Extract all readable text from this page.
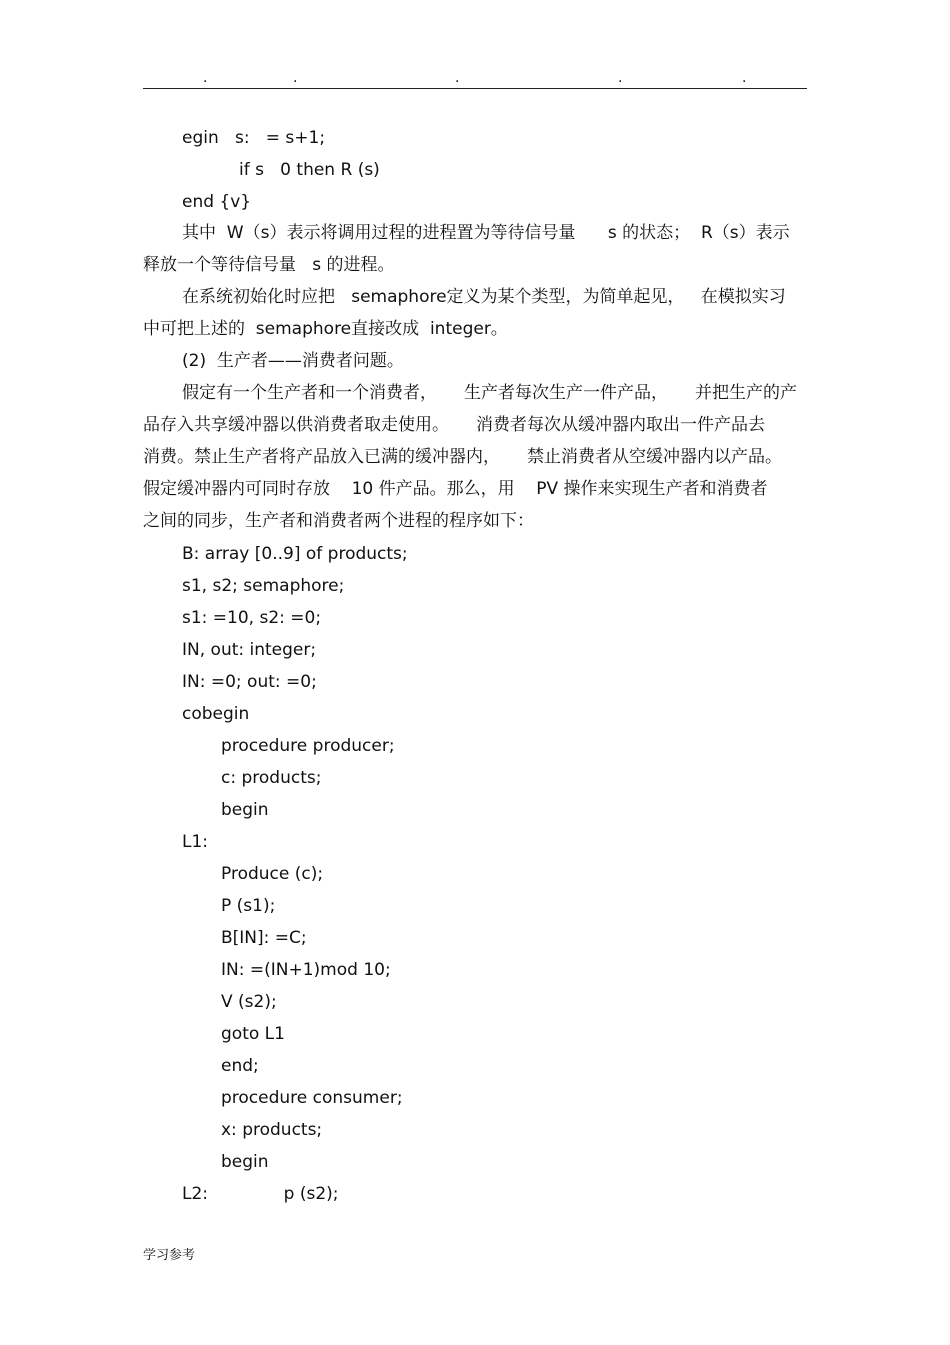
.	.	.	.	.
egin   s:   = s+1;
if s   0 then R (s)
end {v}
其中  W（s）表示将调用过程的进程置为等待信号量      s 的状态；  R（s）表示
释放一个等待信号量   s 的进程。
在系统初始化时应把   semaphore定义为某个类型，为简单起见，   在模拟实习
中可把上述的  semaphore直接改成  integer。
(2)  生产者——消费者问题。
假定有一个生产者和一个消费者，     生产者每次生产一件产品，     并把生产的产
品存入共享缓冲器以供消费者取走使用。     消费者每次从缓冲器内取出一件产品去
消费。禁止生产者将产品放入已满的缓冲器内，     禁止消费者从空缓冲器内以产品。
假定缓冲器内可同时存放    10 件产品。那么，用    PV 操作来实现生产者和消费者
之间的同步，生产者和消费者两个进程的程序如下：
B: array [0..9] of products;
s1, s2; semaphore;
s1: =10, s2: =0;
IN, out: integer;
IN: =0; out: =0;
cobegin
procedure producer;
c: products;
begin
L1:
Produce (c);
P (s1);
B[IN]: =C;
IN: =(IN+1)mod 10;
V (s2);
goto L1
end;
procedure consumer;
x: products;
begin
L2:              p (s2);
学习参考
